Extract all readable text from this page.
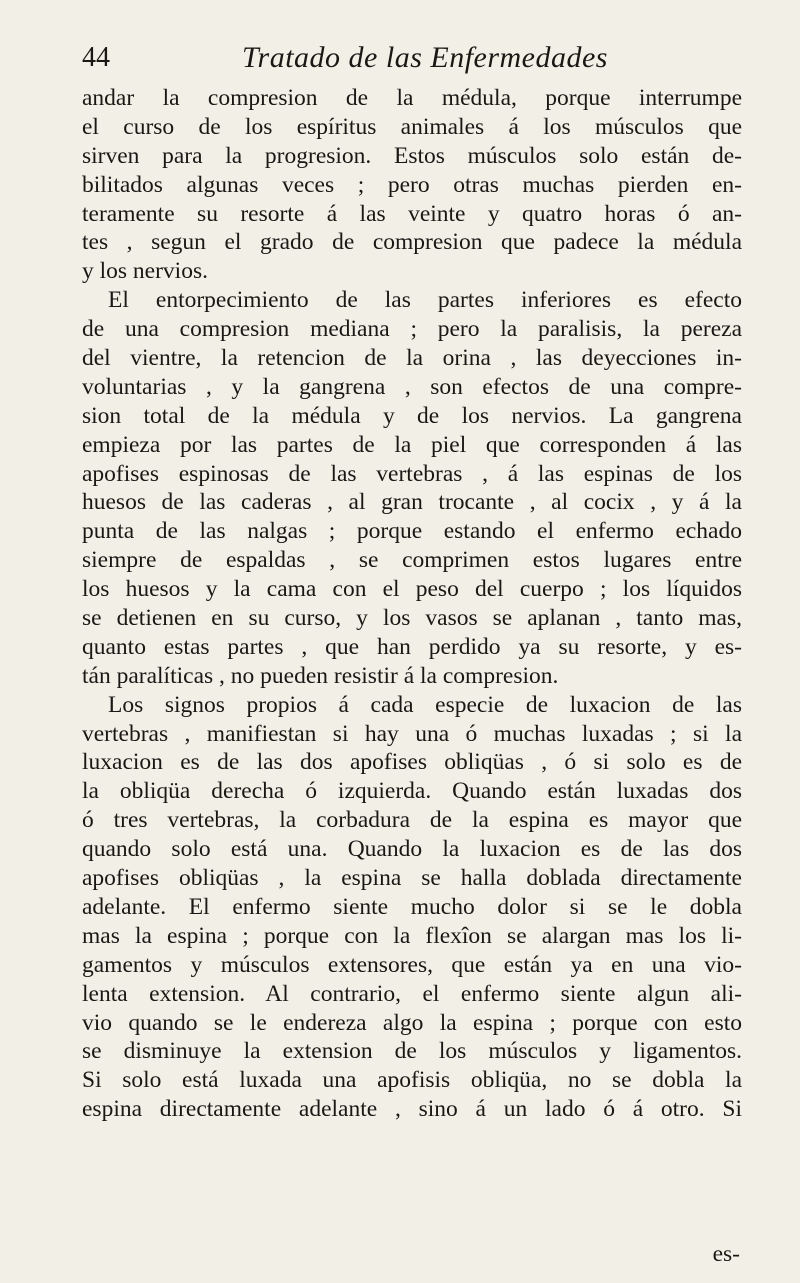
44	Tratado de las Enfermedades
andar la compresion de la médula, porque interrumpe
el curso de los espíritus animales á los músculos que
sirven para la progresion. Estos músculos solo están de-
bilitados algunas veces ; pero otras muchas pierden en-
teramente su resorte á las veinte y quatro horas ó an-
tes , segun el grado de compresion que padece la médula
y los nervios.
El entorpecimiento de las partes inferiores es efecto
de una compresion mediana ; pero la paralisis, la pereza
del vientre, la retencion de la orina , las deyecciones in-
voluntarias , y la gangrena , son efectos de una compre-
sion total de la médula y de los nervios. La gangrena
empieza por las partes de la piel que corresponden á las
apofises espinosas de las vertebras , á las espinas de los
huesos de las caderas , al gran trocante , al cocix , y á la
punta de las nalgas ; porque estando el enfermo echado
siempre de espaldas , se comprimen estos lugares entre
los huesos y la cama con el peso del cuerpo ; los líquidos
se detienen en su curso, y los vasos se aplanan , tanto mas,
quanto estas partes , que han perdido ya su resorte, y es-
tán paralíticas , no pueden resistir á la compresion.
Los signos propios á cada especie de luxacion de las
vertebras , manifiestan si hay una ó muchas luxadas ; si la
luxacion es de las dos apofises obliqüas , ó si solo es de
la obliqüa derecha ó izquierda. Quando están luxadas dos
ó tres vertebras, la corbadura de la espina es mayor que
quando solo está una. Quando la luxacion es de las dos
apofises obliqüas , la espina se halla doblada directamente
adelante. El enfermo siente mucho dolor si se le dobla
mas la espina ; porque con la flexîon se alargan mas los li-
gamentos y músculos extensores, que están ya en una vio-
lenta extension. Al contrario, el enfermo siente algun ali-
vio quando se le endereza algo la espina ; porque con esto
se disminuye la extension de los músculos y ligamentos.
Si solo está luxada una apofisis obliqüa, no se dobla la
espina directamente adelante , sino á un lado ó á otro. Si
es-
